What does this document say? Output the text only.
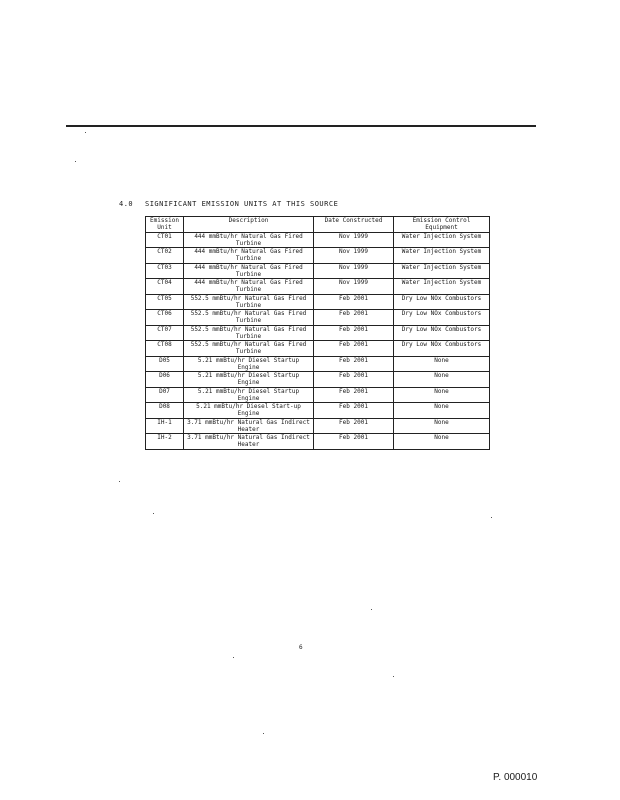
4.0 SIGNIFICANT EMISSION UNITS AT THIS SOURCE
Emission Unit	Description	Date Constructed	Emission Control Equipment
CT01	444 mmBtu/hr Natural Gas Fired Turbine	Nov 1999	Water Injection System
CT02	444 mmBtu/hr Natural Gas Fired Turbine	Nov 1999	Water Injection System
CT03	444 mmBtu/hr Natural Gas Fired Turbine	Nov 1999	Water Injection System
CT04	444 mmBtu/hr Natural Gas Fired Turbine	Nov 1999	Water Injection System
CT05	552.5 mmBtu/hr Natural Gas Fired Turbine	Feb 2001	Dry Low NOx Combustors
CT06	552.5 mmBtu/hr Natural Gas Fired Turbine	Feb 2001	Dry Low NOx Combustors
CT07	552.5 mmBtu/hr Natural Gas Fired Turbine	Feb 2001	Dry Low NOx Combustors
CT08	552.5 mmBtu/hr Natural Gas Fired Turbine	Feb 2001	Dry Low NOx Combustors
D05	5.21 mmBtu/hr Diesel Startup Engine	Feb 2001	None
D06	5.21 mmBtu/hr Diesel Startup Engine	Feb 2001	None
D07	5.21 mmBtu/hr Diesel Startup Engine	Feb 2001	None
D08	5.21 mmBtu/hr Diesel Start-up Engine	Feb 2001	None
IH-1	3.71 mmBtu/hr Natural Gas Indirect Heater	Feb 2001	None
IH-2	3.71 mmBtu/hr Natural Gas Indirect Heater	Feb 2001	None
6
P. 000010
